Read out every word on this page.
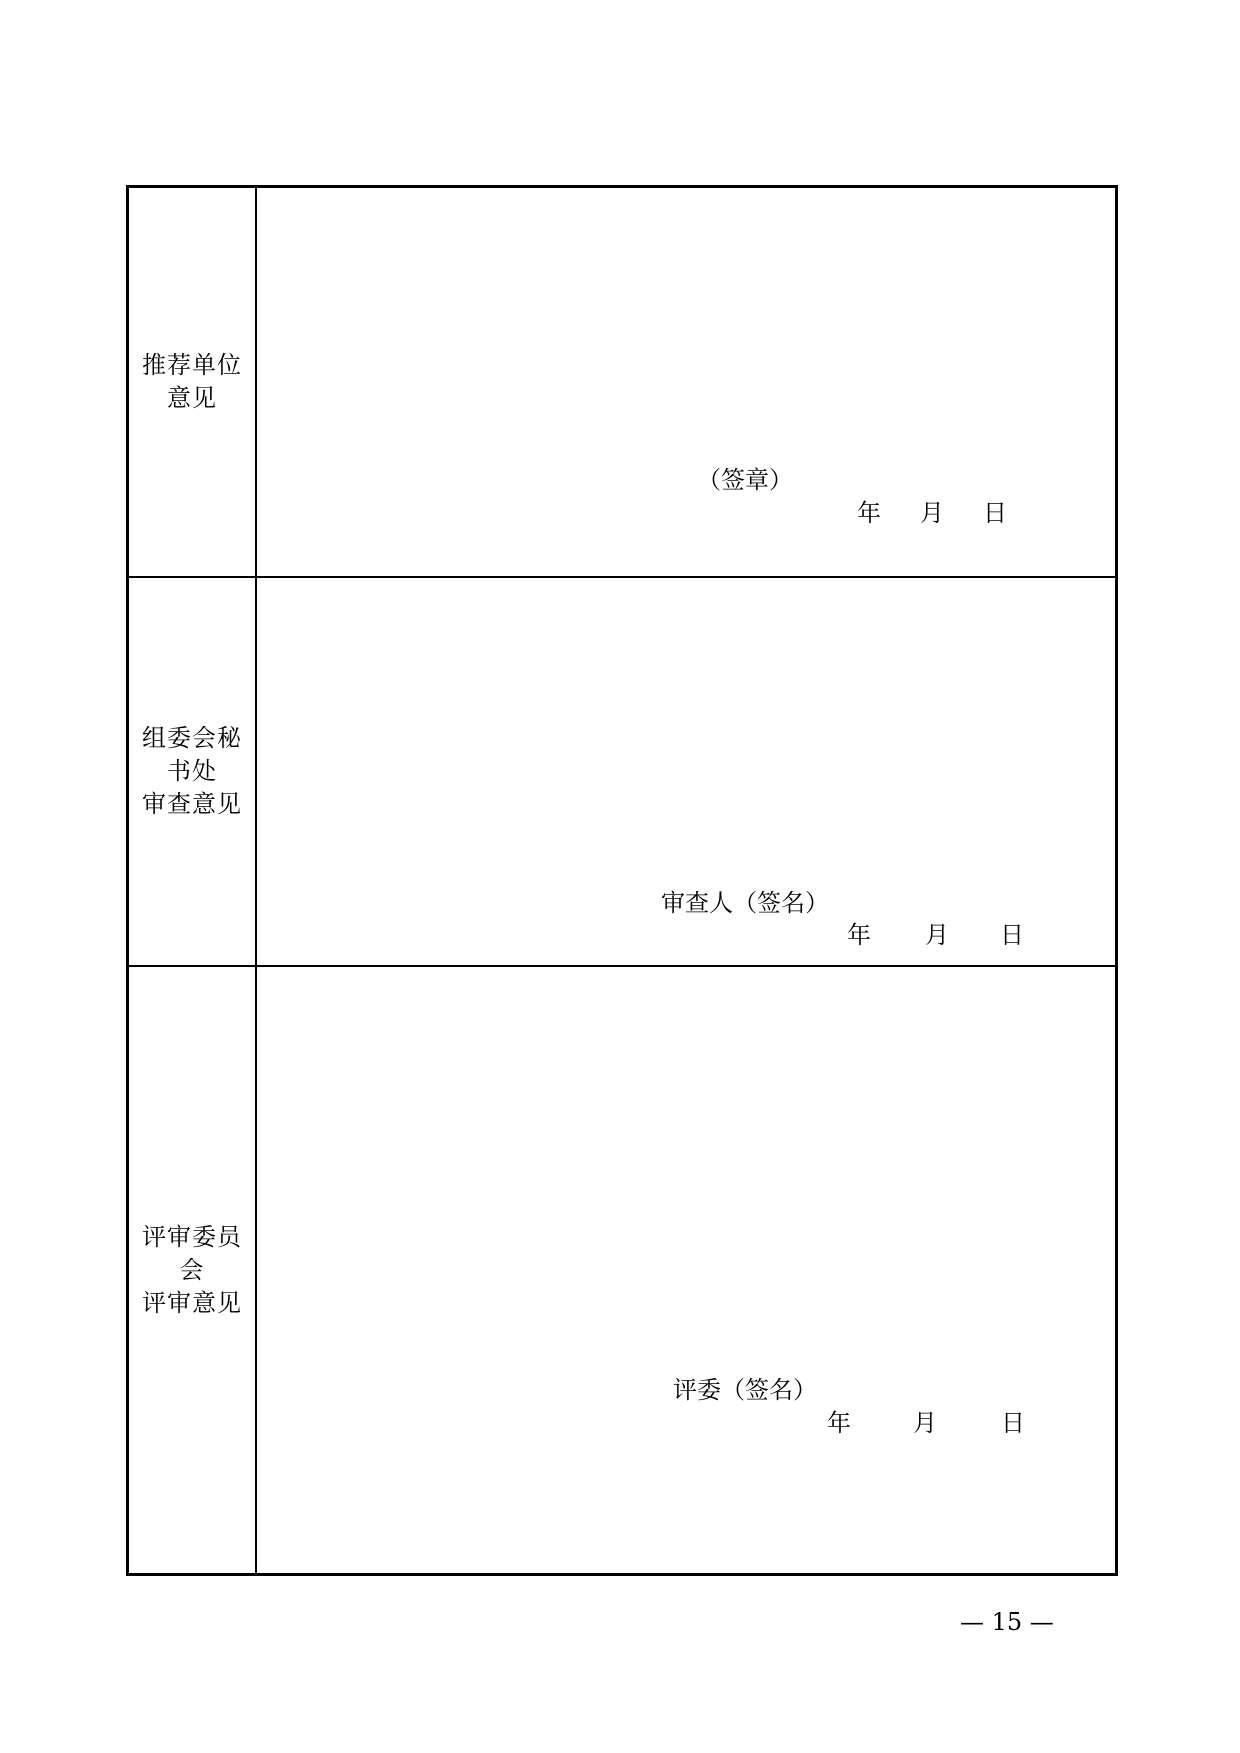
推荐单位
意见
（签章）
年 月 日
组委会秘
书处
审查意见
审查人（签名）
年 月 日
评审委员
会
评审意见
评委（签名）
年	月	日
— 15 —
